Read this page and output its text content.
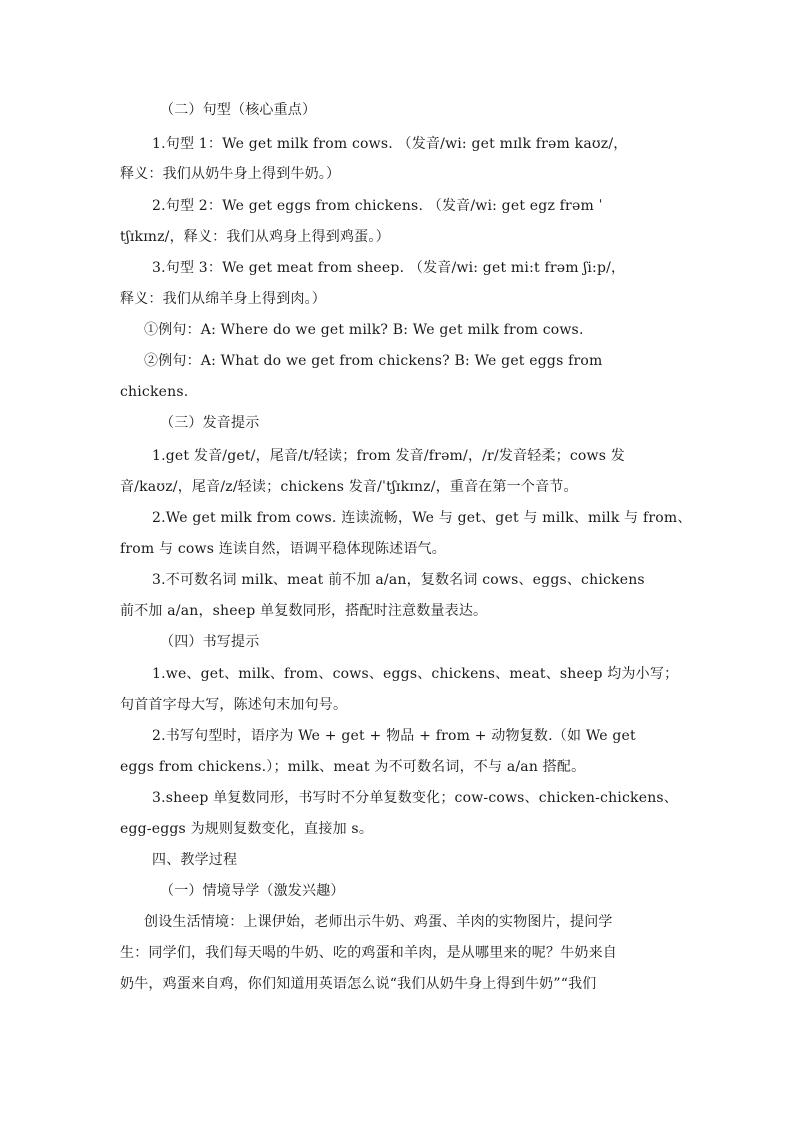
（二）句型（核心重点）
1.句型 1：We get milk from cows. （发音/wi: get mɪlk frəm kaʊz/，
释义：我们从奶牛身上得到牛奶。）
2.句型 2：We get eggs from chickens. （发音/wi: get egz frəm ˈ
tʃɪkɪnz/，释义：我们从鸡身上得到鸡蛋。）
3.句型 3：We get meat from sheep. （发音/wi: get mi:t frəm ʃi:p/，
释义：我们从绵羊身上得到肉。）
①例句：A: Where do we get milk? B: We get milk from cows.
②例句：A: What do we get from chickens? B: We get eggs from
chickens.
（三）发音提示
1.get 发音/get/，尾音/t/轻读；from 发音/frəm/，/r/发音轻柔；cows 发
音/kaʊz/，尾音/z/轻读；chickens 发音/ˈtʃɪkɪnz/，重音在第一个音节。
2.We get milk from cows. 连读流畅，We 与 get、get 与 milk、milk 与 from、
from 与 cows 连读自然，语调平稳体现陈述语气。
3.不可数名词 milk、meat 前不加 a/an，复数名词 cows、eggs、chickens
前不加 a/an，sheep 单复数同形，搭配时注意数量表达。
（四）书写提示
1.we、get、milk、from、cows、eggs、chickens、meat、sheep 均为小写；
句首首字母大写，陈述句末加句号。
2.书写句型时，语序为 We + get + 物品 + from + 动物复数.（如 We get
eggs from chickens.）；milk、meat 为不可数名词，不与 a/an 搭配。
3.sheep 单复数同形，书写时不分单复数变化；cow-cows、chicken-chickens、
egg-eggs 为规则复数变化，直接加 s。
四、教学过程
（一）情境导学（激发兴趣）
创设生活情境：上课伊始，老师出示牛奶、鸡蛋、羊肉的实物图片，提问学
生：同学们，我们每天喝的牛奶、吃的鸡蛋和羊肉，是从哪里来的呢？牛奶来自
奶牛，鸡蛋来自鸡，你们知道用英语怎么说“我们从奶牛身上得到牛奶”“我们
